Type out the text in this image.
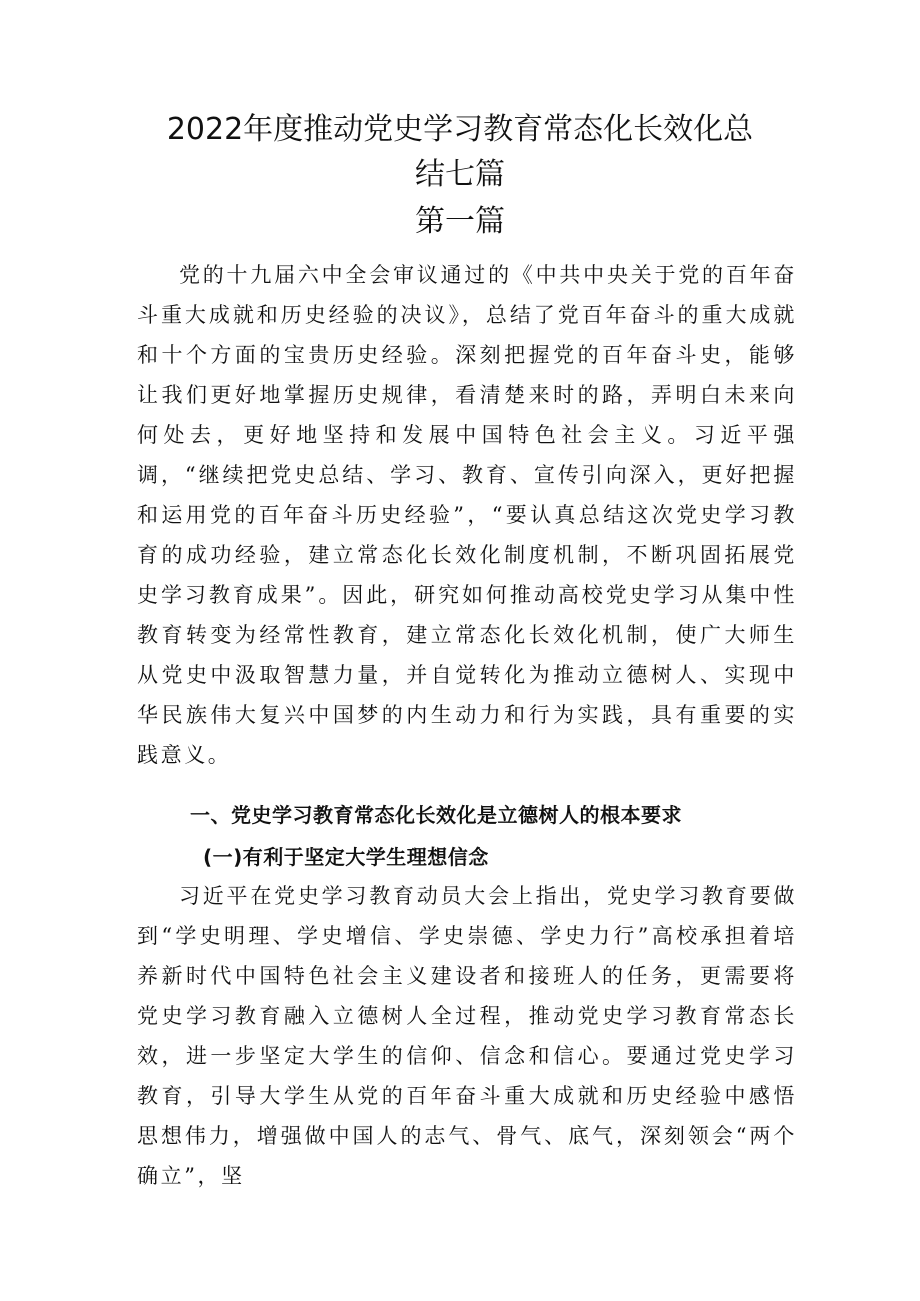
2022年度推动党史学习教育常态化长效化总
结七篇
第一篇

党的十九届六中全会审议通过的《中共中央关于党的百年奋斗重大成就和历史经验的决议》，总结了党百年奋斗的重大成就和十个方面的宝贵历史经验。深刻把握党的百年奋斗史，能够让我们更好地掌握历史规律，看清楚来时的路，弄明白未来向何处去，更好地坚持和发展中国特色社会主义。习近平强调，“继续把党史总结、学习、教育、宣传引向深入，更好把握和运用党的百年奋斗历史经验”，“要认真总结这次党史学习教育的成功经验，建立常态化长效化制度机制，不断巩固拓展党史学习教育成果”。因此，研究如何推动高校党史学习从集中性教育转变为经常性教育，建立常态化长效化机制，使广大师生从党史中汲取智慧力量，并自觉转化为推动立德树人、实现中华民族伟大复兴中国梦的内生动力和行为实践，具有重要的实践意义。

一、党史学习教育常态化长效化是立德树人的根本要求
(一)有利于坚定大学生理想信念

习近平在党史学习教育动员大会上指出，党史学习教育要做到“学史明理、学史增信、学史崇德、学史力行”高校承担着培养新时代中国特色社会主义建设者和接班人的任务，更需要将党史学习教育融入立德树人全过程，推动党史学习教育常态长效，进一步坚定大学生的信仰、信念和信心。要通过党史学习教育，引导大学生从党的百年奋斗重大成就和历史经验中感悟思想伟力，增强做中国人的志气、骨气、底气，深刻领会“两个确立”，坚
